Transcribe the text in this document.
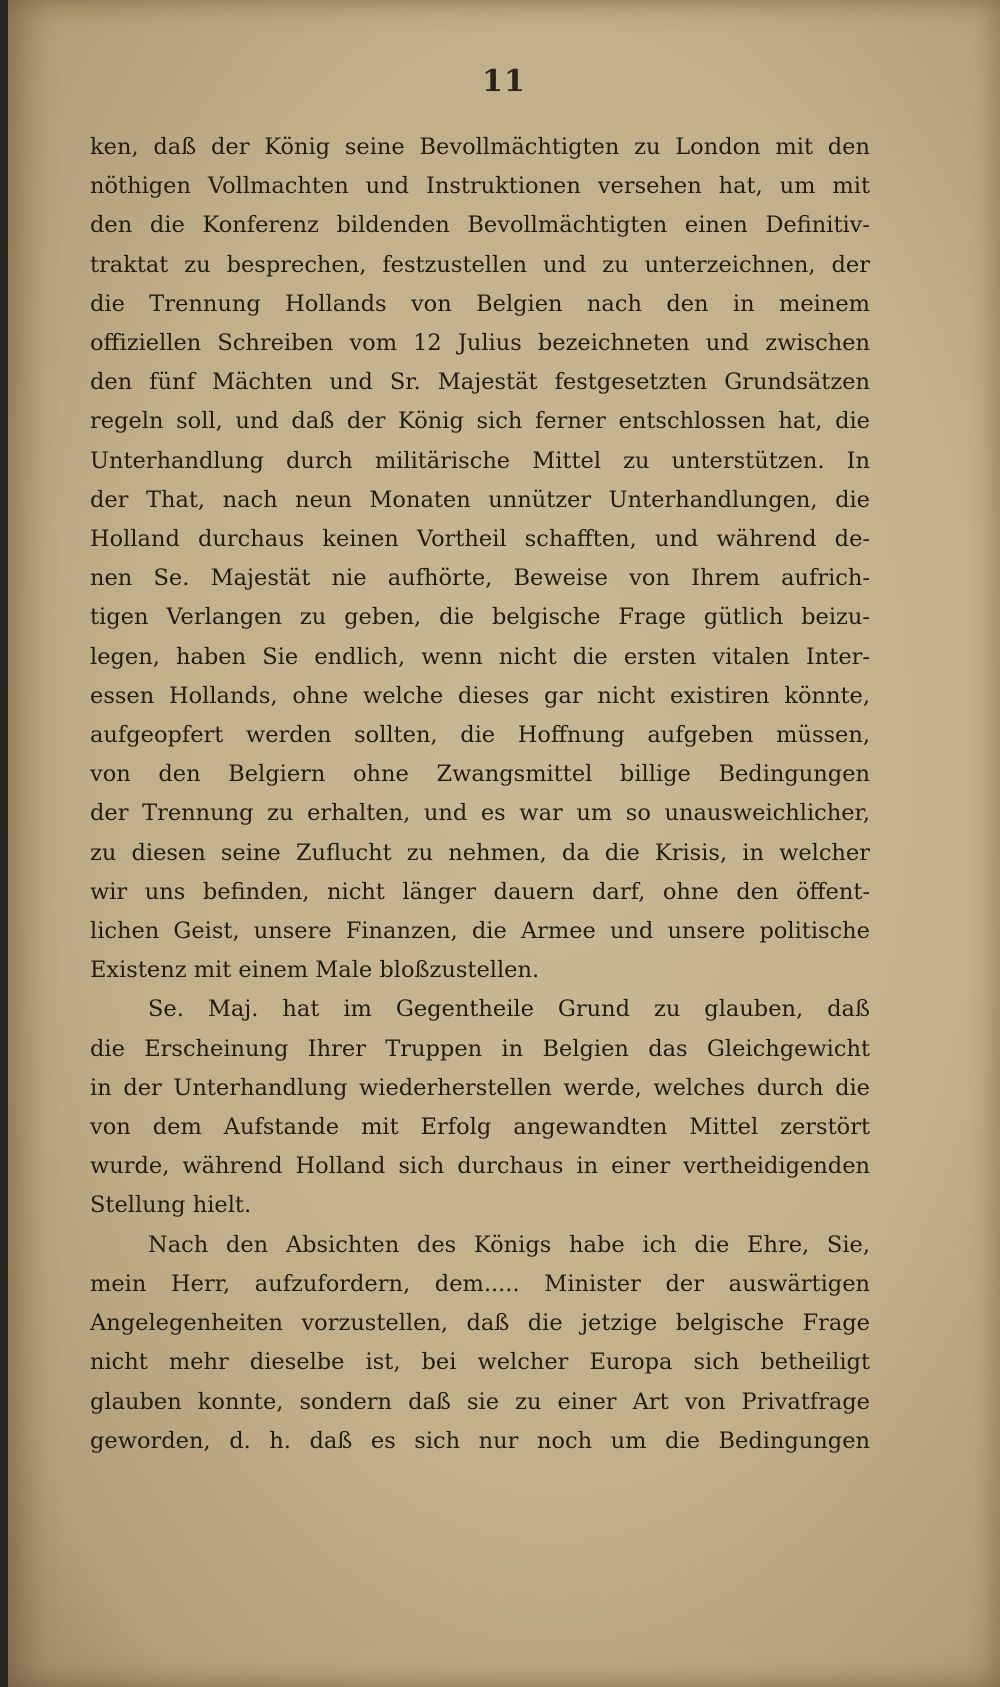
11
ken, daß der König seine Bevollmächtigten zu London mit den
nöthigen Vollmachten und Instruktionen versehen hat, um mit
den die Konferenz bildenden Bevollmächtigten einen Definitiv-
traktat zu besprechen, festzustellen und zu unterzeichnen, der
die Trennung Hollands von Belgien nach den in meinem
offiziellen Schreiben vom 12 Julius bezeichneten und zwischen
den fünf Mächten und Sr. Majestät festgesetzten Grundsätzen
regeln soll, und daß der König sich ferner entschlossen hat, die
Unterhandlung durch militärische Mittel zu unterstützen. In
der That, nach neun Monaten unnützer Unterhandlungen, die
Holland durchaus keinen Vortheil schafften, und während de-
nen Se. Majestät nie aufhörte, Beweise von Ihrem aufrich-
tigen Verlangen zu geben, die belgische Frage gütlich beizu-
legen, haben Sie endlich, wenn nicht die ersten vitalen Inter-
essen Hollands, ohne welche dieses gar nicht existiren könnte,
aufgeopfert werden sollten, die Hoffnung aufgeben müssen,
von den Belgiern ohne Zwangsmittel billige Bedingungen
der Trennung zu erhalten, und es war um so unausweichlicher,
zu diesen seine Zuflucht zu nehmen, da die Krisis, in welcher
wir uns befinden, nicht länger dauern darf, ohne den öffent-
lichen Geist, unsere Finanzen, die Armee und unsere politische
Existenz mit einem Male bloßzustellen.
Se. Maj. hat im Gegentheile Grund zu glauben, daß
die Erscheinung Ihrer Truppen in Belgien das Gleichgewicht
in der Unterhandlung wiederherstellen werde, welches durch die
von dem Aufstande mit Erfolg angewandten Mittel zerstört
wurde, während Holland sich durchaus in einer vertheidigenden
Stellung hielt.
Nach den Absichten des Königs habe ich die Ehre, Sie,
mein Herr, aufzufordern, dem..... Minister der auswärtigen
Angelegenheiten vorzustellen, daß die jetzige belgische Frage
nicht mehr dieselbe ist, bei welcher Europa sich betheiligt
glauben konnte, sondern daß sie zu einer Art von Privatfrage
geworden, d. h. daß es sich nur noch um die Bedingungen
